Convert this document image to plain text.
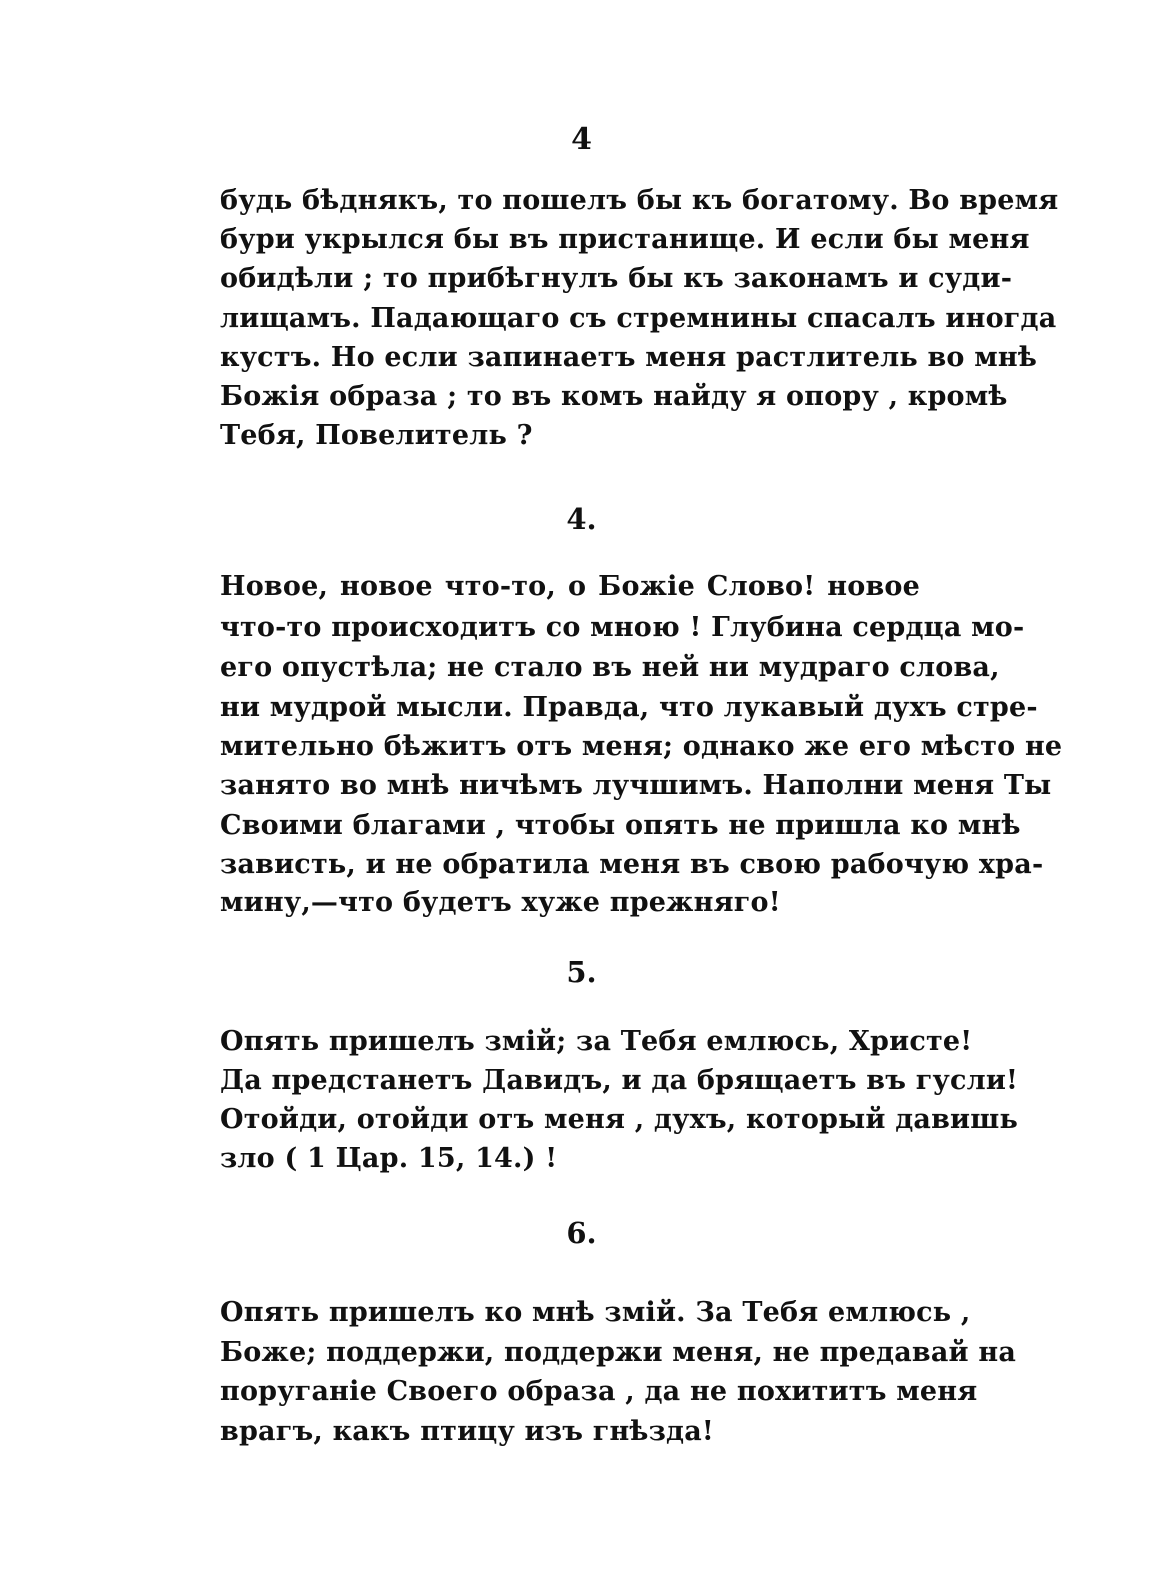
4
будь бѣднякъ, то пошелъ бы къ богатому. Во время
бури укрылся бы въ пристанище. И если бы меня
обидѣли ; то прибѣгнулъ бы къ законамъ и суди-
лищамъ. Падающаго съ стремнины спасалъ иногда
кустъ. Но если запинаетъ меня растлитель во мнѣ
Божія образа ; то въ комъ найду я опору , кромѣ
Тебя, Повелитель ?
4.
Новое, новое что-то, о Божіе Слово! новое
что-то происходитъ со мною ! Глубина сердца мо-
его опустѣла; не стало въ ней ни мудраго слова,
ни мудрой мысли. Правда, что лукавый духъ стре-
мительно бѣжитъ отъ меня; однако же его мѣсто не
занято во мнѣ ничѣмъ лучшимъ. Наполни меня Ты
Своими благами , чтобы опять не пришла ко мнѣ
зависть, и не обратила меня въ свою рабочую хра-
мину,—что будетъ хуже прежняго!
5.
Опять пришелъ змій; за Тебя емлюсь, Христе!
Да предстанетъ Давидъ, и да брящаетъ въ гусли!
Отойди, отойди отъ меня , духъ, который давишь
зло ( 1 Цар. 15, 14.) !
6.
Опять пришелъ ко мнѣ змій. За Тебя емлюсь ,
Боже; поддержи, поддержи меня, не предавай на
поруганіе Своего образа , да не похититъ меня
врагъ, какъ птицу изъ гнѣзда!
